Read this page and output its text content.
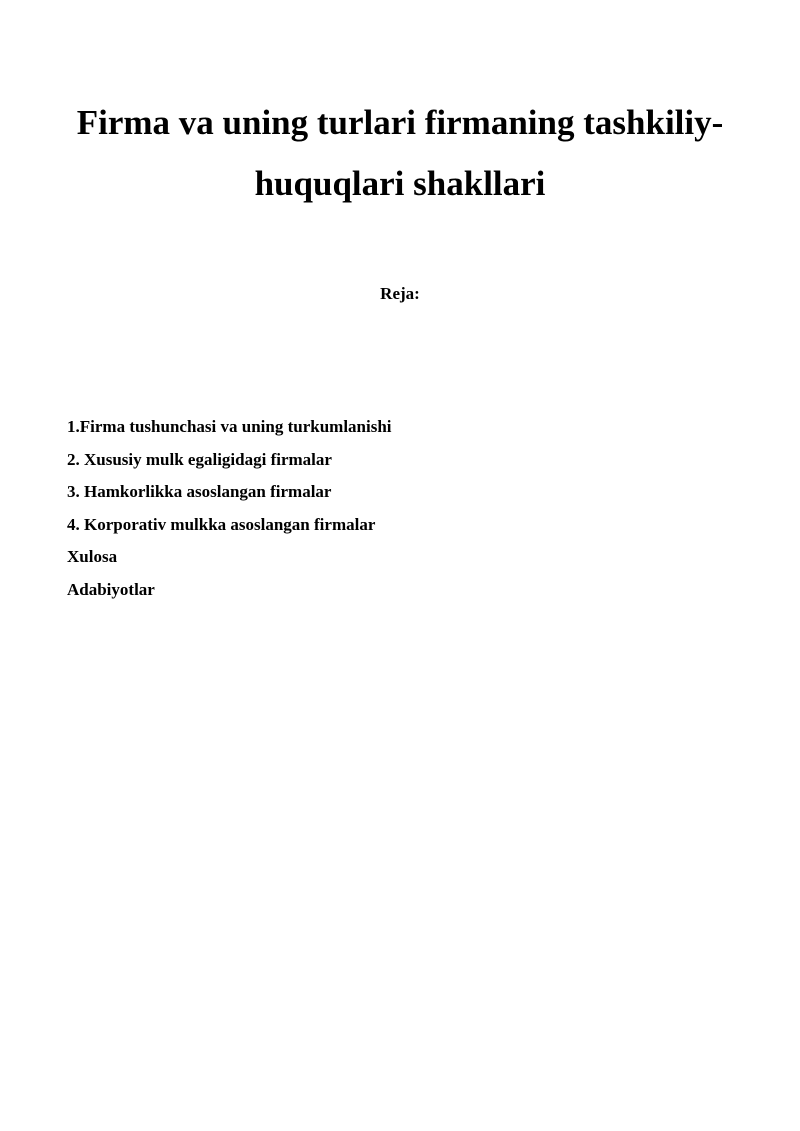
Firma va uning turlari firmaning tashkiliy-
huquqlari shakllari
Reja:
1.Firma tushunchasi va uning turkumlanishi
2. Xususiy mulk egaligidagi firmalar
3. Hamkorlikka asoslangan firmalar
4. Korporativ mulkka asoslangan firmalar
Xulosa
Adabiyotlar
